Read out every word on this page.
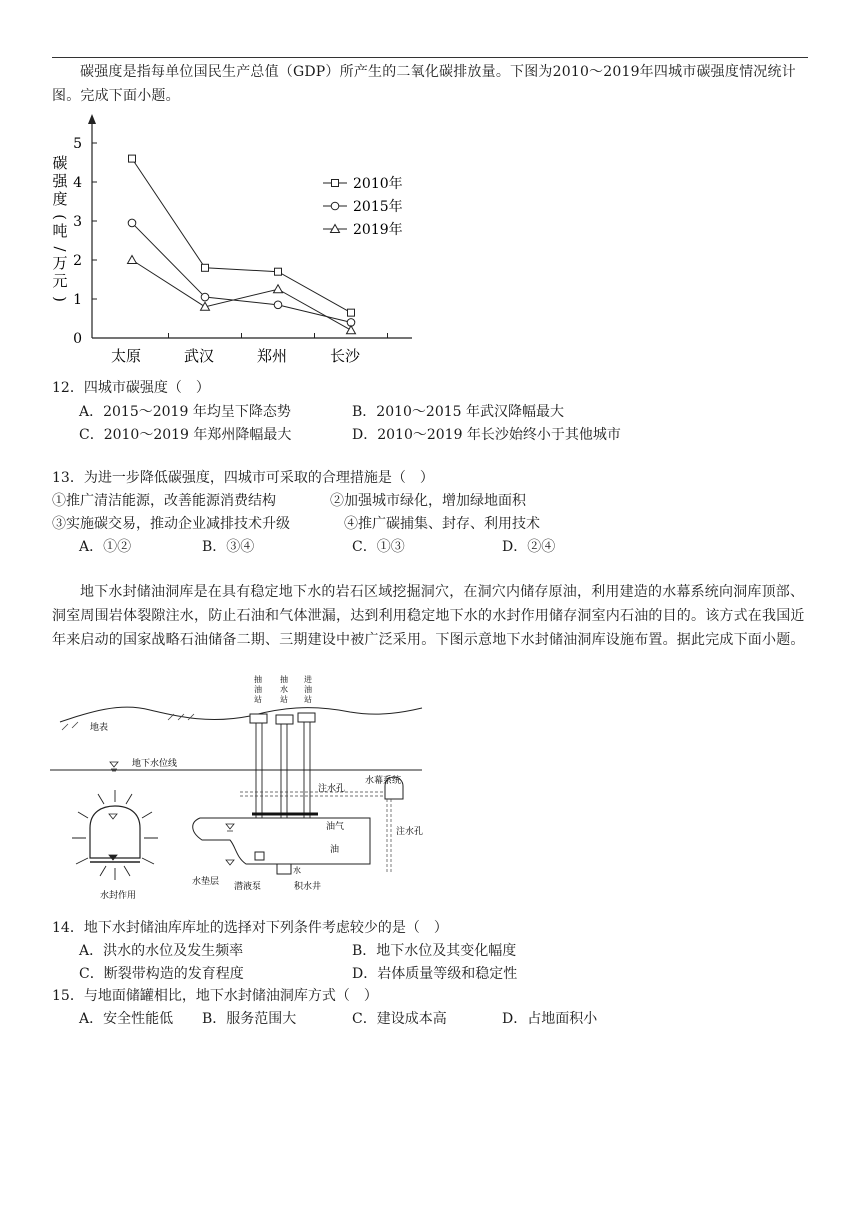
碳强度是指每单位国民生产总值（GDP）所产生的二氧化碳排放量。下图为2010～2019年四城市碳强度情况统计图。完成下面小题。
0
1
2
3
4
5
太原	武汉	郑州	长沙
碳
强
度
(
吨
/
万
元
)
2010年
2015年
2019年
12．四城市碳强度（　）
A．2015～2019 年均呈下降态势	B．2010～2015 年武汉降幅最大
C．2010～2019 年郑州降幅最大	D．2010～2019 年长沙始终小于其他城市
13．为进一步降低碳强度，四城市可采取的合理措施是（　）
①推广清洁能源，改善能源消费结构	②加强城市绿化，增加绿地面积
③实施碳交易，推动企业减排技术升级	④推广碳捕集、封存、利用技术
A．①②	B．③④	C．①③	D．②④
地下水封储油洞库是在具有稳定地下水的岩石区域挖掘洞穴，在洞穴内储存原油，利用建造的水幕系统向洞库顶部、洞室周围岩体裂隙注水，防止石油和气体泄漏，达到利用稳定地下水的水封作用储存洞室内石油的目的。该方式在我国近年来启动的国家战略石油储备二期、三期建设中被广泛采用。下图示意地下水封储油洞库设施布置。据此完成下面小题。
地表
地下水位线
抽油站
抽水站
进油站
水幕系统
注水孔
注水孔
油气
油
水
水垫层 潜液泵	积水井
水封作用
14．地下水封储油库库址的选择对下列条件考虑较少的是（　）
A．洪水的水位及发生频率	B．地下水位及其变化幅度
C．断裂带构造的发育程度	D．岩体质量等级和稳定性
15．与地面储罐相比，地下水封储油洞库方式（　）
A．安全性能低 B．服务范围大	C．建设成本高	D．占地面积小
